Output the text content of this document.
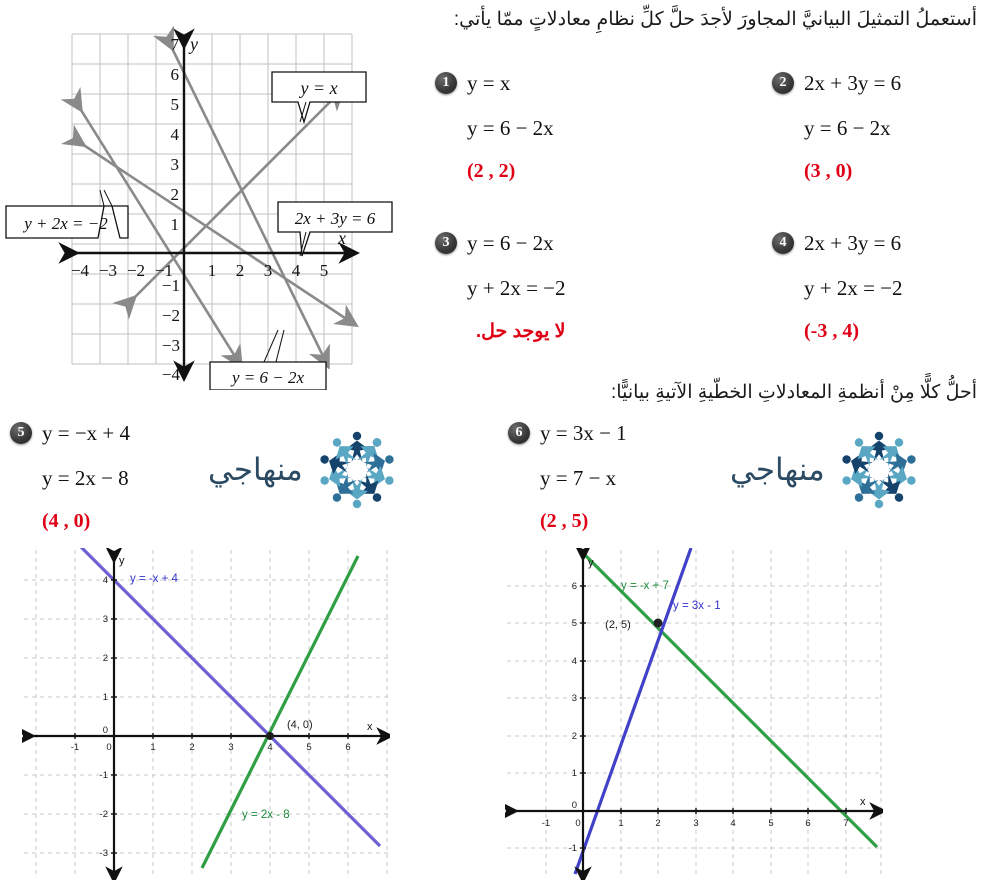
أستعملُ التمثيلَ البيانيَّ المجاورَ لأجدَ حلَّ كلِّ نظامِ معادلاتٍ ممّا يأتي:
x
y
7
6
5
4
3
2
1
−1
−2
−3
−4
−4 −3 −2 −1 1 2 3 4 5
y = x
2x + 3y = 6
y + 2x = −2
y = 6 − 2x
1 y = x
y = 6 − 2x
(2 , 2)
2 2x + 3y = 6
y = 6 − 2x
(3 , 0)
3 y = 6 − 2x
y + 2x = −2
لا يوجد حل.
4 2x + 3y = 6
y + 2x = −2
(-3 , 4)
أحلُّ كلًّا مِنْ أنظمةِ المعادلاتِ الخطّيةِ الآتيةِ بيانيًّا:
5 y = −x + 4
y = 2x − 8
(4 , 0)
6 y = 3x − 1
y = 7 − x
(2 , 5)
منهاجي	منهاجي
-1	0	1	2	3	4	5	6
4
3
2
1
0
-1
-2
-3
x
y
y = -x + 4
y = 2x - 8
(4, 0)
-1	0	1	2	3	4	5	6	7
6
5
4
3
2
1
0
-1
x
y
y = -x + 7
y = 3x - 1
(2, 5)
